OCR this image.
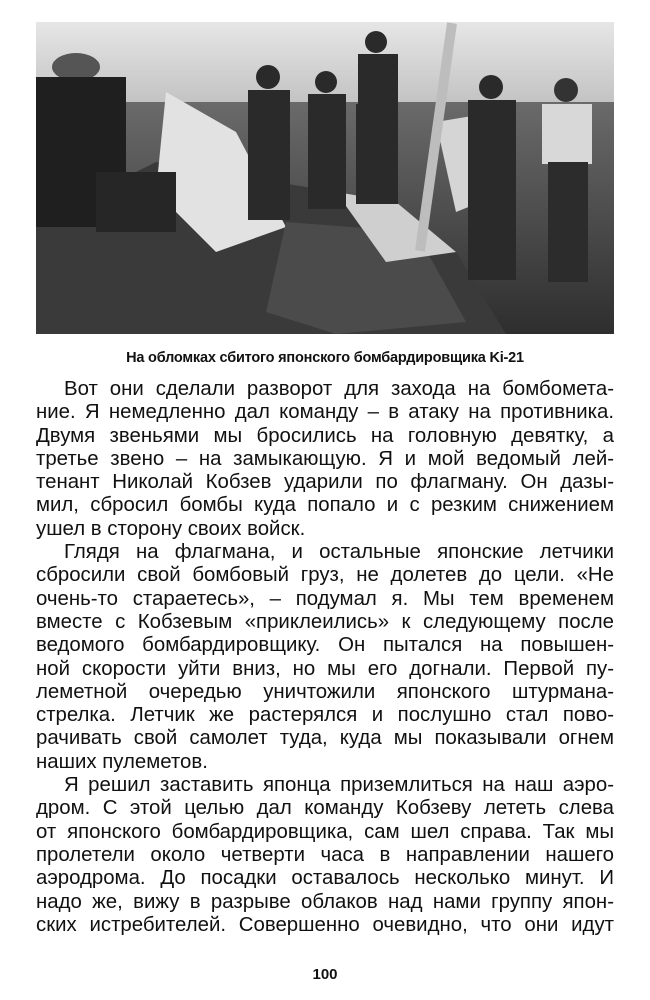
На обломках сбитого японского бомбардировщика Ki-21

Вот они сделали разворот для захода на бомбомета-
ние. Я немедленно дал команду – в атаку на противника.
Двумя звеньями мы бросились на головную девятку, а
третье звено – на замыкающую. Я и мой ведомый лей-
тенант Николай Кобзев ударили по флагману. Он дазы-
мил, сбросил бомбы куда попало и с резким снижением
ушел в сторону своих войск.

Глядя на флагмана, и остальные японские летчики
сбросили свой бомбовый груз, не долетев до цели. «Не
очень-то стараетесь», – подумал я. Мы тем временем
вместе с Кобзевым «приклеились» к следующему после
ведомого бомбардировщику. Он пытался на повышен-
ной скорости уйти вниз, но мы его догнали. Первой пу-
леметной очередью уничтожили японского штурмана-
стрелка. Летчик же растерялся и послушно стал пово-
рачивать свой самолет туда, куда мы показывали огнем
наших пулеметов.

Я решил заставить японца приземлиться на наш аэро-
дром. С этой целью дал команду Кобзеву лететь слева
от японского бомбардировщика, сам шел справа. Так мы
пролетели около четверти часа в направлении нашего
аэродрома. До посадки оставалось несколько минут. И
надо же, вижу в разрыве облаков над нами группу япон-
ских истребителей. Совершенно очевидно, что они идут

100
